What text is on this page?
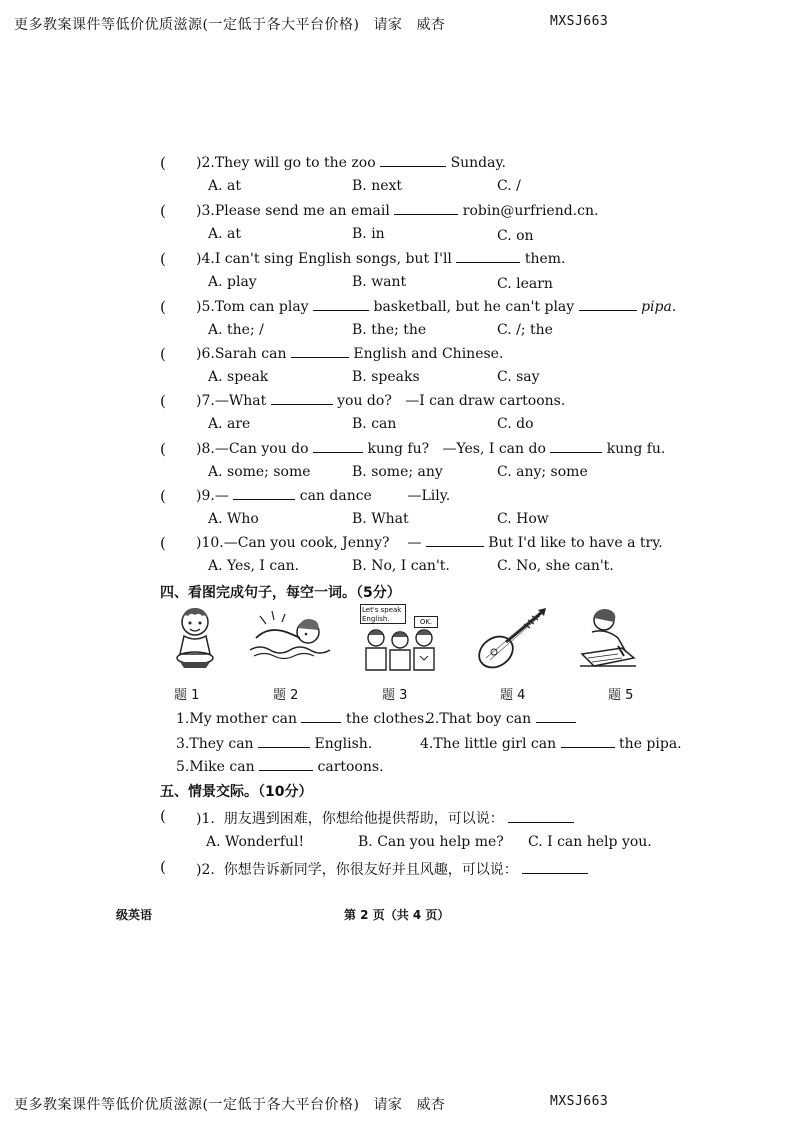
更多教案课件等低价优质滋源(一定低于各大平台价格) 请家 威杏	MXSJ663
( )2.They will go to the zoo	Sunday.
A. at	B. next	C. /
( )3.Please send me an email	robin@urfriend.cn.
A. at	B. in	C. on
( )4.I can't sing English songs, but I'll	them.
A. play	B. want	C. learn
( )5.Tom can play	basketball, but he can't play	pipa.
A. the; /	B. the; the	C. /; the
( )6.Sarah can	English and Chinese.
A. speak	B. speaks	C. say
( )7.—What	you do? —I can draw cartoons.
A. are	B. can	C. do
( )8.—Can you do	kung fu? —Yes, I can do	kung fu.
A. some; some	B. some; any	C. any; some
( )9.—	can dance	—Lily.
A. Who	B. What	C. How
( )10.—Can you cook, Jenny? —	But I'd like to have a try.
A. Yes, I can.	B. No, I can't.	C. No, she can't.
四、看图完成句子，每空一词。（5分）
Let's speak English.	OK.
题 1	题 2	题 3	题 4	题 5
1.My mother can	the clothes.
2.That boy can
3.They can	English.	4.The little girl can	the pipa.
5.Mike can	cartoons.
五、情景交际。（10分）
( )1. 朋友遇到困难，你想给他提供帮助，可以说：
A. Wonderful!	B. Can you help me? C. I can help you.
( )2. 你想告诉新同学，你很友好并且风趣，可以说：
级英语	第 2 页（共 4 页）
更多教案课件等低价优质滋源(一定低于各大平台价格) 请家 威杏	MXSJ663
